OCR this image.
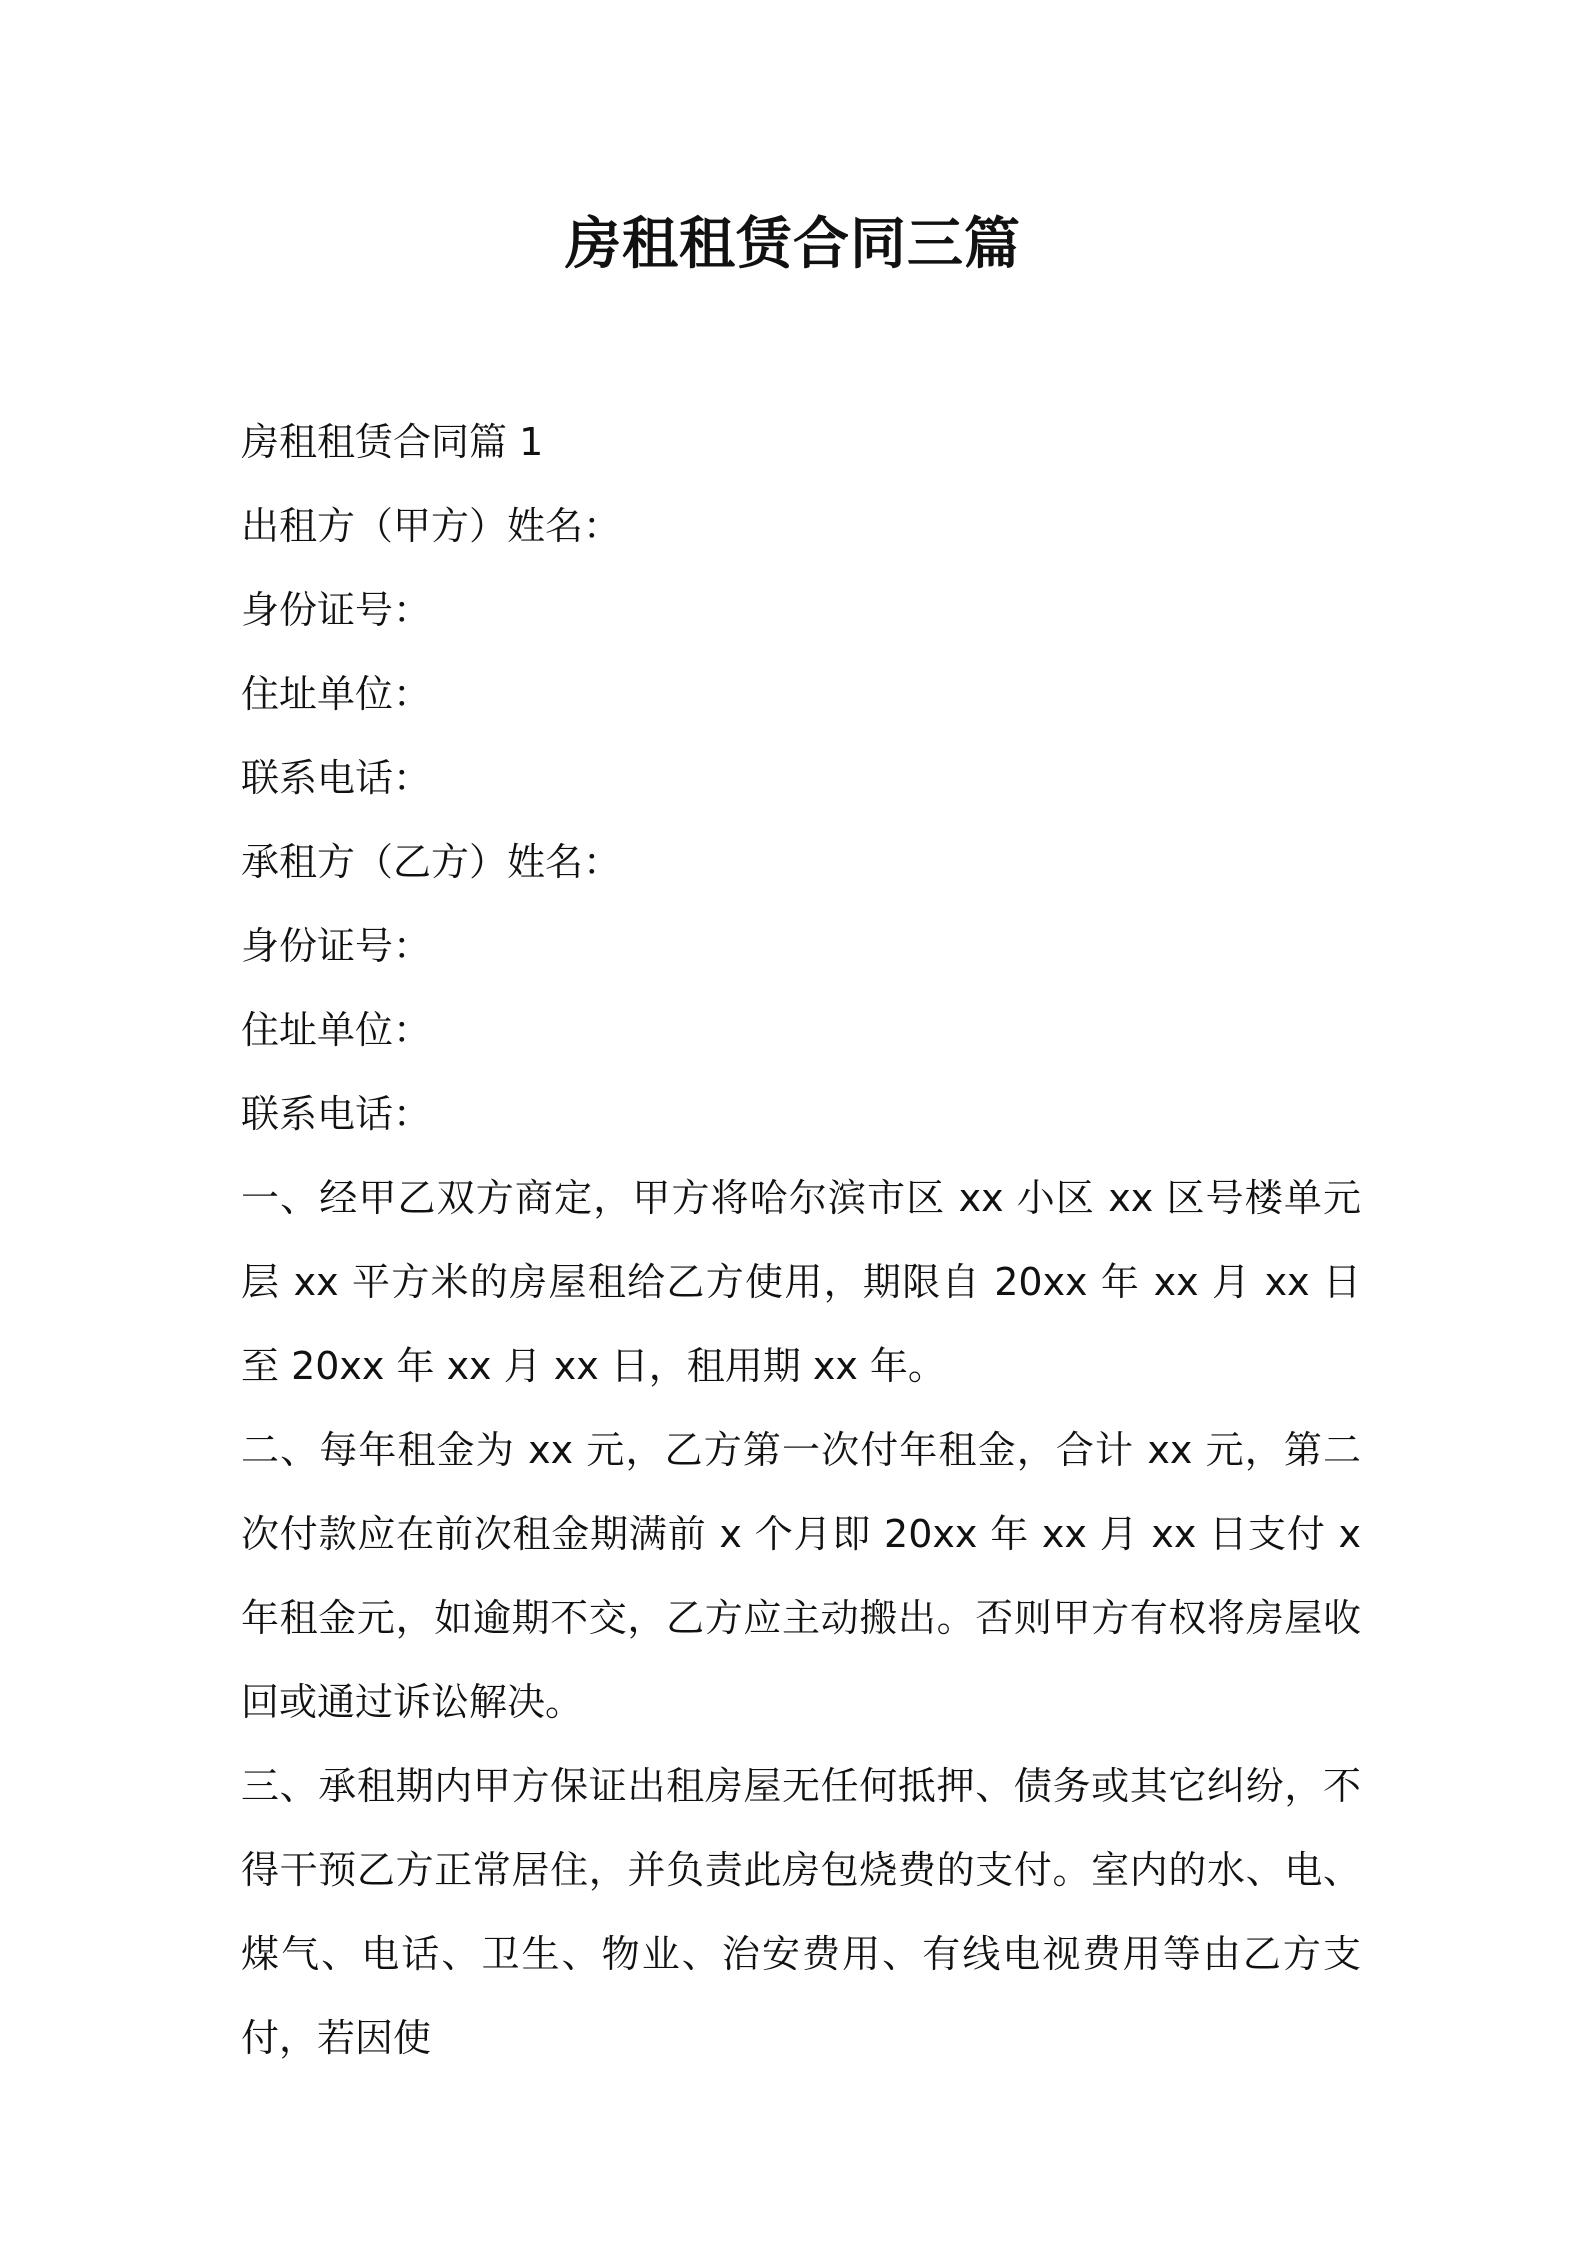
房租租赁合同三篇
房租租赁合同篇 1
出租方（甲方）姓名：
身份证号：
住址单位：
联系电话：
承租方（乙方）姓名：
身份证号：
住址单位：
联系电话：
一、经甲乙双方商定，甲方将哈尔滨市区 xx 小区 xx 区号楼单元层 xx 平方米的房屋租给乙方使用，期限自 20xx 年 xx 月 xx 日至 20xx 年 xx 月 xx 日，租用期 xx 年。
二、每年租金为 xx 元，乙方第一次付年租金，合计 xx 元，第二次付款应在前次租金期满前 x 个月即 20xx 年 xx 月 xx 日支付 x 年租金元，如逾期不交，乙方应主动搬出。否则甲方有权将房屋收回或通过诉讼解决。
三、承租期内甲方保证出租房屋无任何抵押、债务或其它纠纷，不得干预乙方正常居住，并负责此房包烧费的支付。室内的水、电、煤气、电话、卫生、物业、治安费用、有线电视费用等由乙方支付，若因使
